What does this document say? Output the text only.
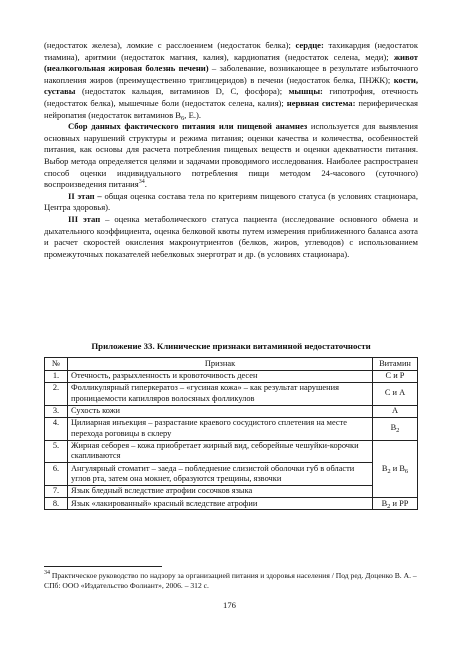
(недостаток железа), ломкие с расслоением (недостаток белка); сердце: тахикардия (недостаток тиамина), аритмии (недостаток магния, калия), кардиопатия (недостаток селена, меди); живот (неалкогольная жировая болезнь печени) – заболевание, возникающее в результате избыточного накопления жиров (преимущественно триглицеридов) в печени (недостаток белка, ПНЖК); кости, суставы (недостаток кальция, витаминов D, C, фосфора); мышцы: гипотрофия, отечность (недостаток белка), мышечные боли (недостаток селена, калия); нервная система: периферическая нейропатия (недостаток витаминов $B_6$, E.).

Сбор данных фактического питания или пищевой анамнез используется для выявления основных нарушений структуры и режима питания; оценки качества и количества, особенностей питания, как основы для расчета потребления пищевых веществ и оценки адекватности питания. Выбор метода определяется целями и задачами проводимого исследования. Наиболее распространен способ оценки индивидуального потребления пищи методом 24-часового (суточного) воспроизведения питания$^{34}$.

II этап – общая оценка состава тела по критериям пищевого статуса (в условиях стационара, Центра здоровья).

III этап – оценка метаболического статуса пациента (исследование основного обмена и дыхательного коэффициента, оценка белковой квоты путем измерения приближенного баланса азота и расчет скоростей окисления макронутриентов (белков, жиров, углеводов) с использованием промежуточных показателей небелковых энерготрат и др. (в условиях стационара).

Приложение 33. Клинические признаки витаминной недостаточности
№	Признак	Витамин
1.	Отечность, разрыхленность и кровоточивость десен	С и Р
2.	Фолликулярный гиперкератоз – «гусиная кожа» – как результат нарушения проницаемости капилляров волосяных фолликулов	С и А
3.	Сухость кожи	А
4.	Цилиарная инъекция – разрастание краевого сосудистого сплетения на месте перехода роговицы в склеру	$B_2$
5.	Жирная себорея – кожа приобретает жирный вид, себорейные чешуйки-корочки скапливаются	$B_2$ и $B_6$
6.	Ангулярный стоматит – заеда – побледнение слизистой оболочки губ в области углов рта, затем она мокнет, образуются трещины, язвочки	
7.	Язык бледный вследствие атрофии сосочков языка	
8.	Язык «лакированный» красный вследствие атрофии	$B_2$ и PP
$^{34}$ Практическое руководство по надзору за организацией питания и здоровья населения / Под ред. Доценко В. А. – СПб: ООО «Издательство Фолиант», 2006. – 312 с.
176
